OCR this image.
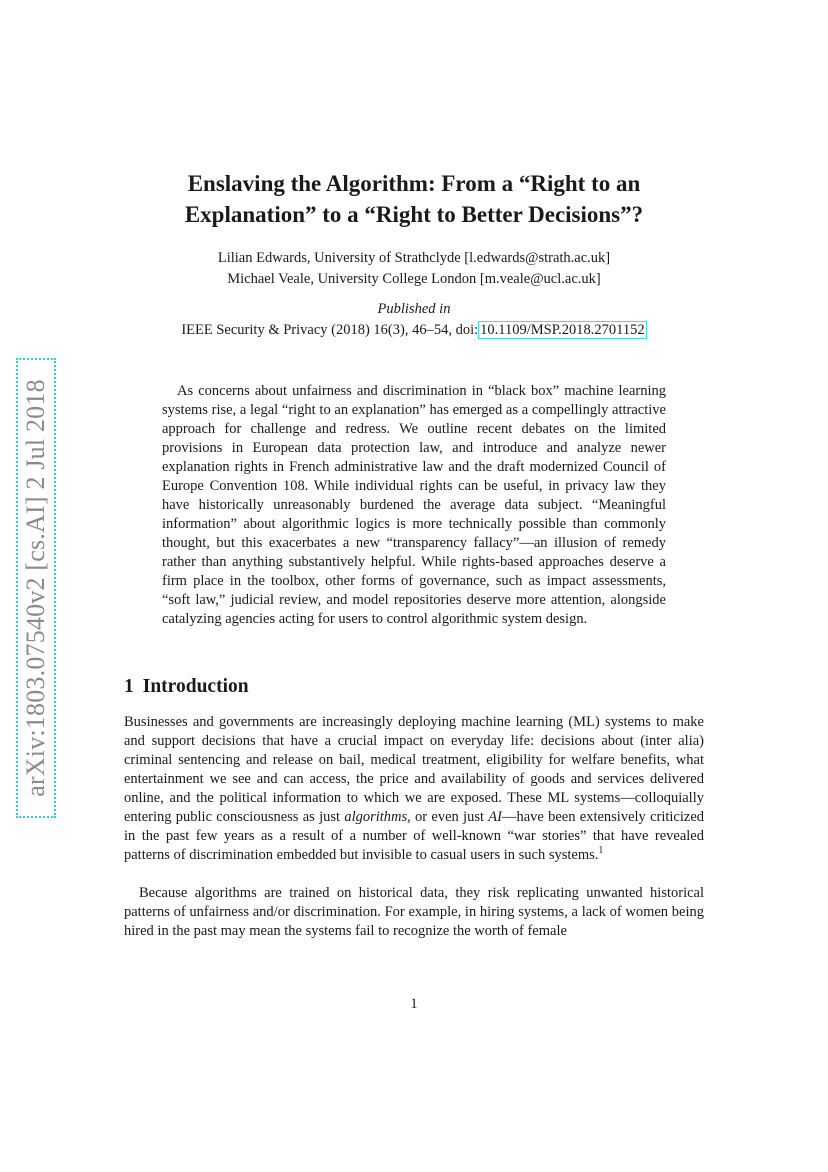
arXiv:1803.07540v2 [cs.AI] 2 Jul 2018
Enslaving the Algorithm: From a “Right to an
Explanation” to a “Right to Better Decisions”?
Lilian Edwards, University of Strathclyde [l.edwards@strath.ac.uk]
Michael Veale, University College London [m.veale@ucl.ac.uk]
Published in
IEEE Security & Privacy (2018) 16(3), 46–54, doi: 10.1109/MSP.2018.2701152

As concerns about unfairness and discrimination in “black box” machine learning systems rise, a legal “right to an explanation” has emerged as a compellingly attractive approach for challenge and redress. We outline recent debates on the limited provisions in European data protection law, and introduce and analyze newer explanation rights in French administrative law and the draft modernized Council of Europe Convention 108. While individual rights can be useful, in privacy law they have historically unreasonably burdened the average data subject. “Meaningful information” about algorithmic logics is more technically possible than commonly thought, but this exacerbates a new “transparency fallacy”—an illusion of remedy rather than anything substantively helpful. While rights-based approaches deserve a firm place in the toolbox, other forms of governance, such as impact assessments, “soft law,” judicial review, and model repositories deserve more attention, alongside catalyzing agencies acting for users to control algorithmic system design.

1 Introduction

Businesses and governments are increasingly deploying machine learning (ML) systems to make and support decisions that have a crucial impact on everyday life: decisions about (inter alia) criminal sentencing and release on bail, medical treatment, eligibility for welfare benefits, what entertainment we see and can access, the price and availability of goods and services delivered online, and the political information to which we are exposed. These ML systems—colloquially entering public consciousness as just algorithms, or even just AI—have been extensively criticized in the past few years as a result of a number of well-known “war stories” that have revealed patterns of discrimination embedded but invisible to casual users in such systems.$^1$

Because algorithms are trained on historical data, they risk replicating unwanted historical patterns of unfairness and/or discrimination. For example, in hiring systems, a lack of women being hired in the past may mean the systems fail to recognize the worth of female

1
